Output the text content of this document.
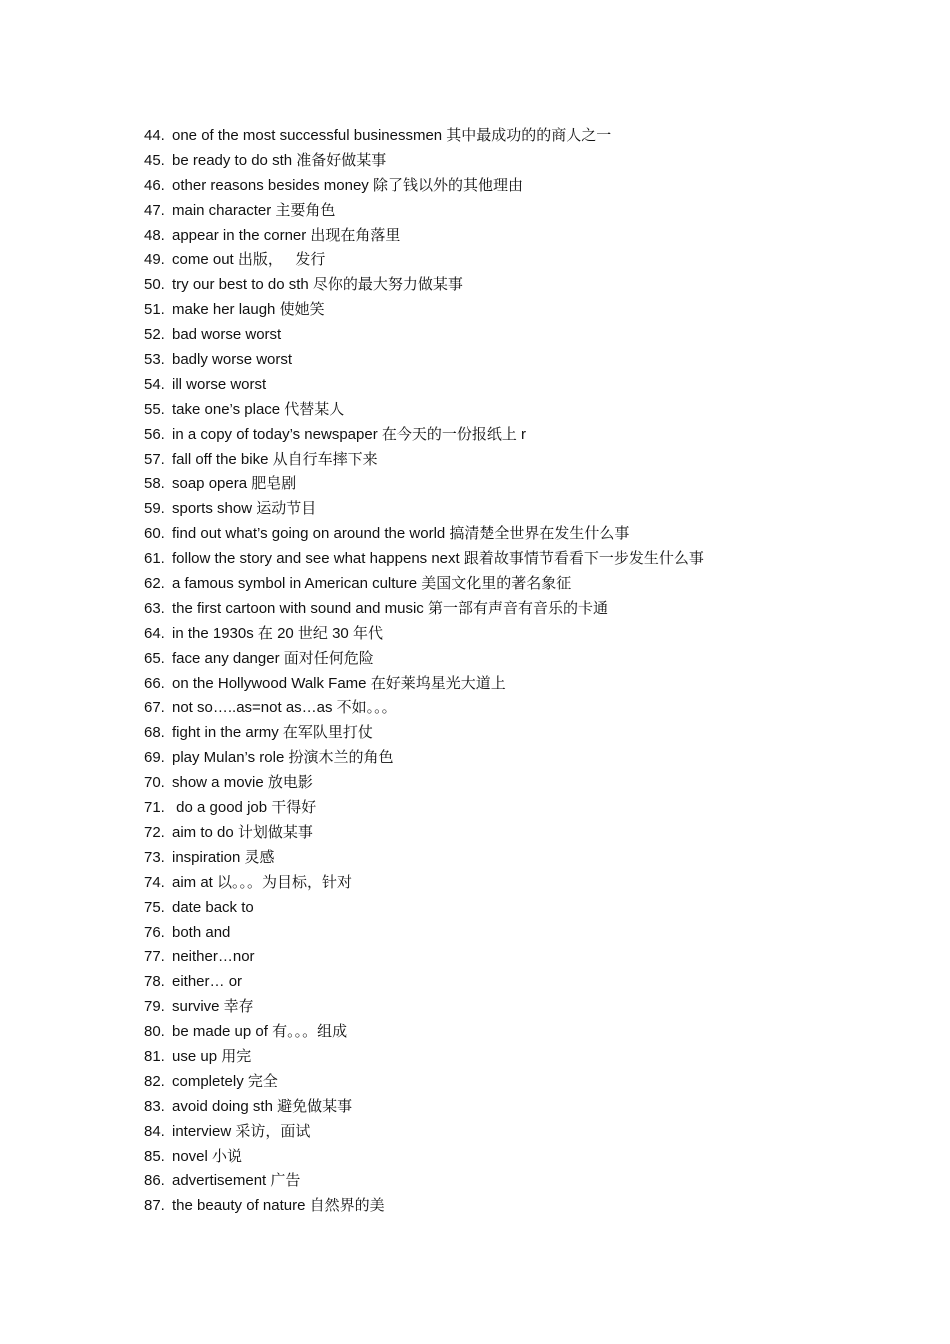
44. one of the most successful businessmen 其中最成功的的商人之一
45. be ready to do sth 准备好做某事
46. other reasons besides money 除了钱以外的其他理由
47. main character 主要角色
48. appear in the corner 出现在角落里
49. come out 出版，   发行
50. try our best to do sth 尽你的最大努力做某事
51. make her laugh 使她笑
52. bad worse worst
53. badly worse worst
54. ill worse worst
55. take one’s place 代替某人
56. in a copy of today’s newspaper 在今天的一份报纸上 r
57. fall off the bike 从自行车摔下来
58. soap opera 肥皂剧
59. sports show 运动节目
60. find out what’s going on around the world 搞清楚全世界在发生什么事
61. follow the story and see what happens next 跟着故事情节看看下一步发生什么事
62. a famous symbol in American culture 美国文化里的著名象征
63. the first cartoon with sound and music 第一部有声音有音乐的卡通
64. in the 1930s 在 20 世纪 30 年代
65. face any danger 面对任何危险
66. on the Hollywood Walk Fame 在好莱坞星光大道上
67. not so…..as=not as…as 不如。。。
68. fight in the army 在军队里打仗
69. play Mulan’s role 扮演木兰的角色
70. show a movie 放电影
71. do a good job 干得好
72. aim to do 计划做某事
73. inspiration 灵感
74. aim at 以。。。为目标，针对
75. date back to
76. both and
77. neither…nor
78. either… or
79. survive 幸存
80. be made up of 有。。。组成
81. use up 用完
82. completely 完全
83. avoid doing sth 避免做某事
84. interview 采访，面试
85. novel 小说
86. advertisement 广告
87. the beauty of nature 自然界的美
